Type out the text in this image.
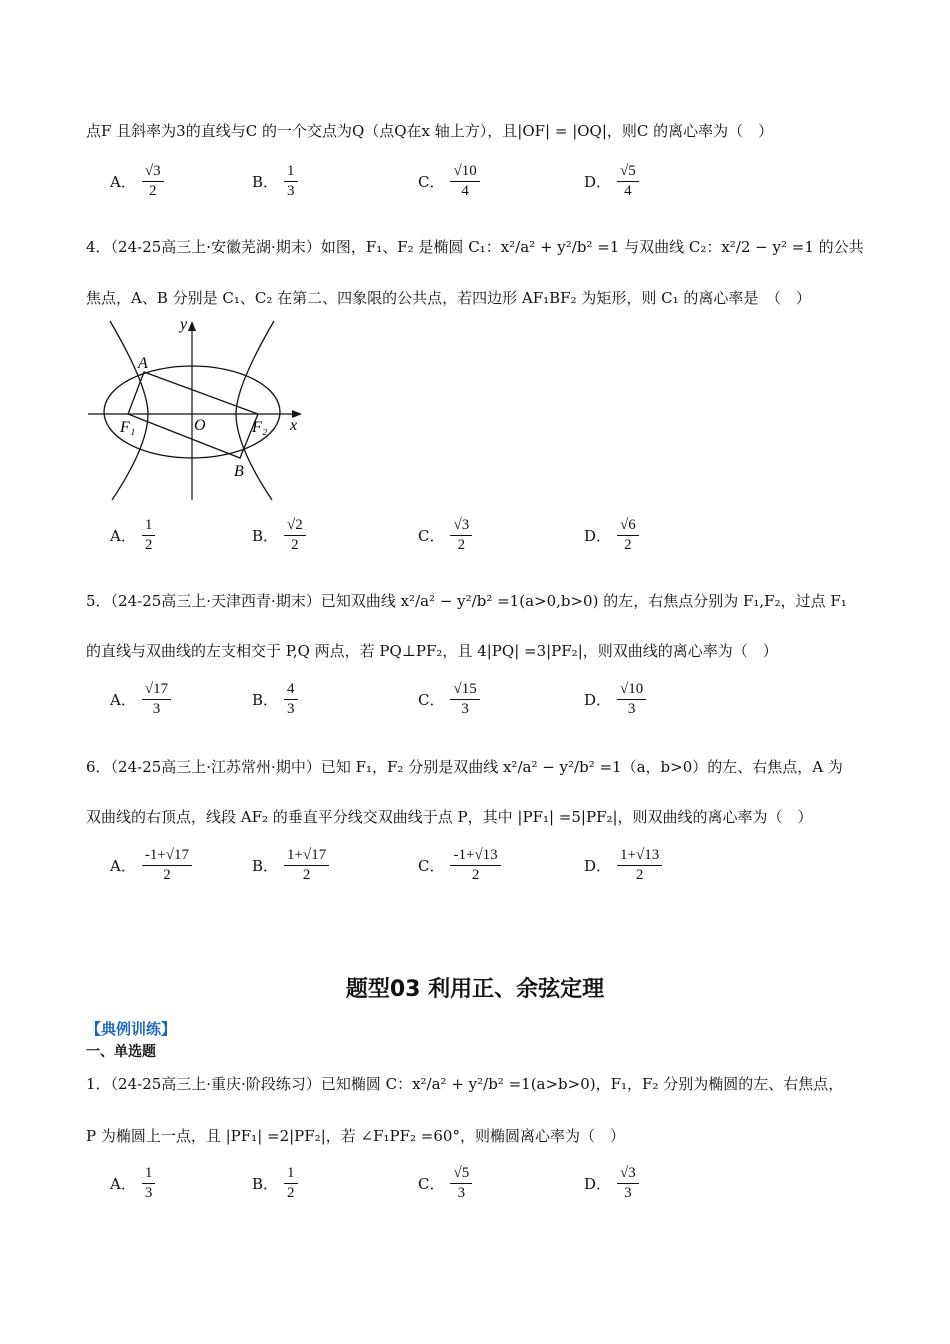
点F 且斜率为3的直线与C 的一个交点为Q（点Q在x 轴上方），且|OF| = |OQ|，则C 的离心率为（　）
A． $\frac{√3}{2}$	B． $\frac{1}{3}$	C． $\frac{√10}{4}$	D． $\frac{√5}{4}$
4．（24-25高三上·安徽芜湖·期末）如图，F₁、F₂ 是椭圆 C₁：x²/a² + y²/b² =1 与双曲线 C₂：x²/2 − y² =1 的公共
焦点，A、B 分别是 C₁、C₂ 在第二、四象限的公共点，若四边形 AF₁BF₂ 为矩形，则 C₁ 的离心率是　（　）
y
x
O
A
B
F₁	F₂
A． $\frac{1}{2}$	B． $\frac{√2}{2}$	C． $\frac{√3}{2}$	D． $\frac{√6}{2}$
5．（24-25高三上·天津西青·期末）已知双曲线 x²/a² − y²/b² =1(a>0,b>0) 的左，右焦点分别为 F₁,F₂，过点 F₁
的直线与双曲线的左支相交于 P,Q 两点，若 PQ⊥PF₂，且 4|PQ| =3|PF₂|，则双曲线的离心率为（　）
A． $\frac{√17}{3}$	B． $\frac{4}{3}$	C． $\frac{√15}{3}$	D． $\frac{√10}{3}$
6．（24-25高三上·江苏常州·期中）已知 F₁，F₂ 分别是双曲线 x²/a² − y²/b² =1（a，b>0）的左、右焦点，A 为
双曲线的右顶点，线段 AF₂ 的垂直平分线交双曲线于点 P，其中 |PF₁| =5|PF₂|，则双曲线的离心率为（　）
A． $\frac{-1+√17}{2}$	B． $\frac{1+√17}{2}$	C． $\frac{-1+√13}{2}$	D． $\frac{1+√13}{2}$
题型03 利用正、余弦定理
【典例训练】
一、单选题
1．（24-25高三上·重庆·阶段练习）已知椭圆 C：x²/a² + y²/b² =1(a>b>0)，F₁，F₂ 分别为椭圆的左、右焦点，
P 为椭圆上一点，且 |PF₁| =2|PF₂|，若 ∠F₁PF₂ =60°，则椭圆离心率为（　）
A． $\frac{1}{3}$	B． $\frac{1}{2}$	C． $\frac{√5}{3}$	D． $\frac{√3}{3}$
